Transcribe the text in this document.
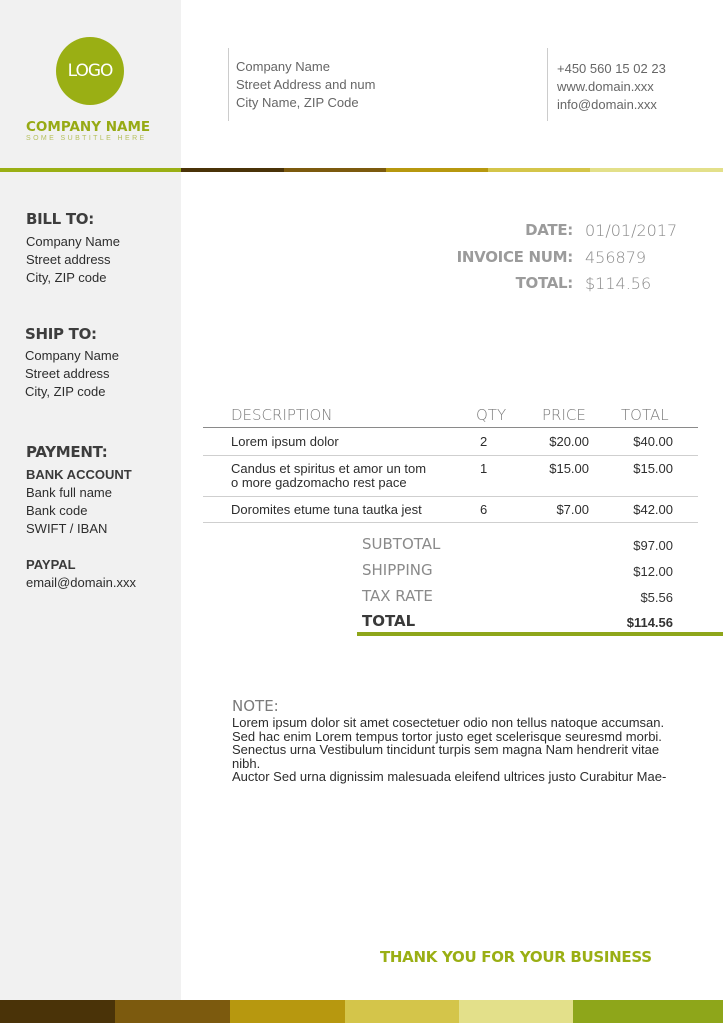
LOGO
COMPANY NAME
SOME SUBTITLE HERE
Company Name
Street Address and num
City Name, ZIP Code
+450 560 15 02 23
www.domain.xxx
info@domain.xxx
BILL TO:
Company Name
Street address
City, ZIP code
SHIP TO:
Company Name
Street address
City, ZIP code
PAYMENT:
BANK ACCOUNT
Bank full name
Bank code
SWIFT / IBAN
PAYPAL
email@domain.xxx
DATE: 01/01/2017
INVOICE NUM: 456879
TOTAL: $114.56
DESCRIPTION	QTY PRICE TOTAL
Lorem ipsum dolor	2	$20.00	$40.00
Candus et spiritus et amor un tom
o more gadzomacho rest pace
1	$15.00	$15.00
Doromites etume tuna tautka jest	6	$7.00	$42.00
SUBTOTAL	$97.00
SHIPPING	$12.00
TAX RATE	$5.56
TOTAL	$114.56
NOTE:

Lorem ipsum dolor sit amet cosectetuer odio non tellus natoque accumsan.

Sed hac enim Lorem tempus tortor justo eget scelerisque seuresmd morbi.

Senectus urna Vestibulum tincidunt turpis sem magna Nam hendrerit vitae

nibh.

Auctor Sed urna dignissim malesuada eleifend ultrices justo Curabitur Mae-

THANK YOU FOR YOUR BUSINESS
